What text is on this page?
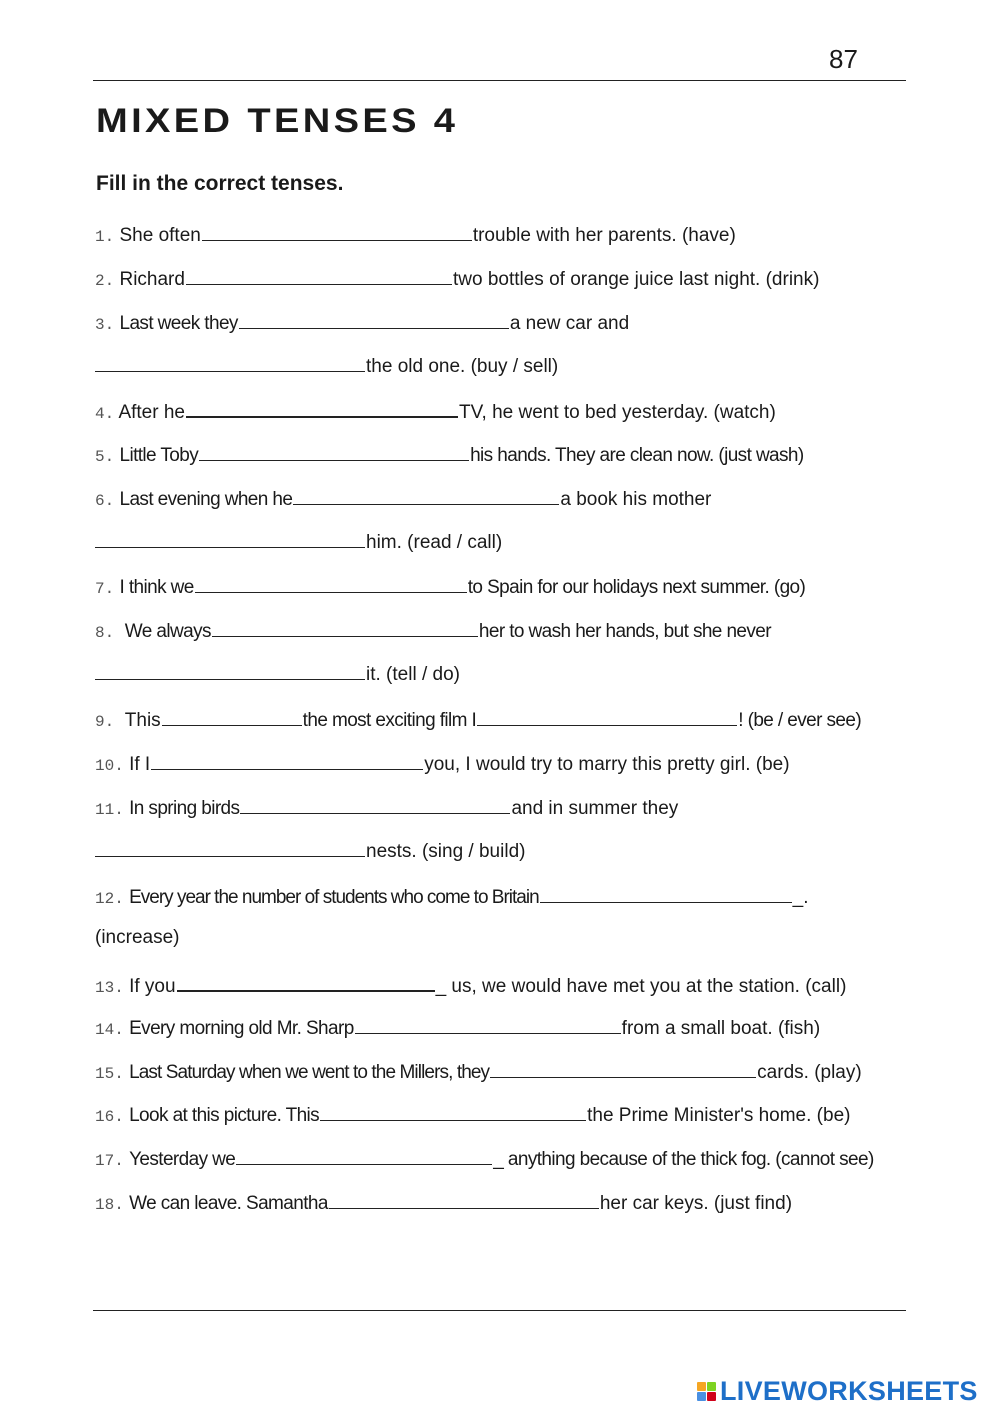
87
MIXED TENSES 4
Fill in the correct tenses.
1. She often	trouble with her parents. (have)
2. Richard	two bottles of orange juice last night. (drink)
3. Last week they	a new car and
the old one. (buy / sell)
4. After he	TV, he went to bed yesterday. (watch)
5. Little Toby	his hands. They are clean now. (just wash)
6. Last evening when he	a book his mother
him. (read / call)
7. I think we	to Spain for our holidays next summer. (go)
8. We always	her to wash her hands, but she never
it. (tell / do)
9. This	the most exciting film I	! (be / ever see)
10. If I	you, I would try to marry this pretty girl. (be)
11. In spring birds	and in summer they
nests. (sing / build)
12. Every year the number of students who come to Britain	_.
(increase)
13. If you	_ us, we would have met you at the station. (call)
14. Every morning old Mr. Sharp	from a small boat. (fish)
15. Last Saturday when we went to the Millers, they	cards. (play)
16. Look at this picture. This	the Prime Minister's home. (be)
17. Yesterday we	_ anything because of the thick fog. (cannot see)
18. We can leave. Samantha	her car keys. (just find)
LIVEWORKSHEETS
